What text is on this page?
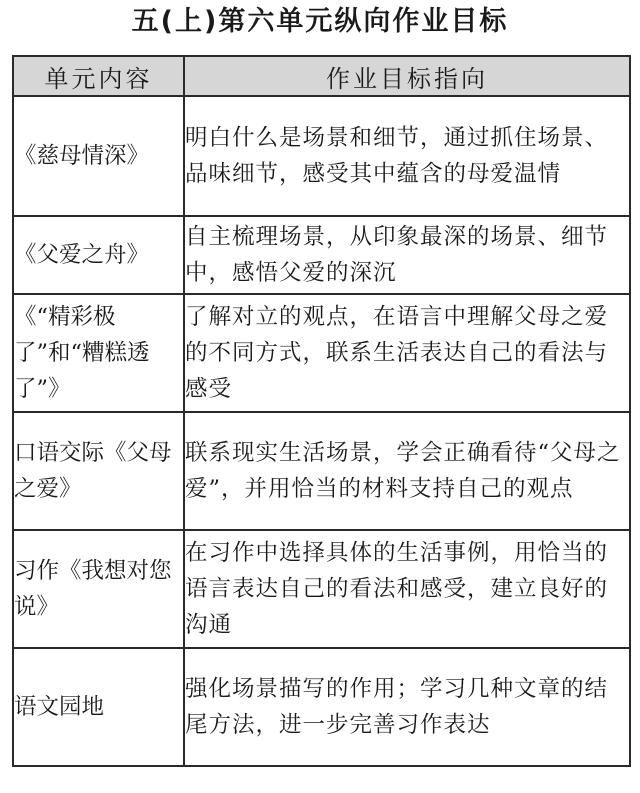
五(上)第六单元纵向作业目标
单元内容	作业目标指向
《慈母情深》	明白什么是场景和细节，通过抓住场景、品味细节，感受其中蕴含的母爱温情
《父爱之舟》	自主梳理场景，从印象最深的场景、细节中，感悟父爱的深沉
《“精彩极了”和“糟糕透了”》	了解对立的观点，在语言中理解父母之爱的不同方式，联系生活表达自己的看法与感受
口语交际《父母之爱》	联系现实生活场景，学会正确看待“父母之爱”，并用恰当的材料支持自己的观点
习作《我想对您说》	在习作中选择具体的生活事例，用恰当的语言表达自己的看法和感受，建立良好的沟通
语文园地	强化场景描写的作用；学习几种文章的结尾方法，进一步完善习作表达
